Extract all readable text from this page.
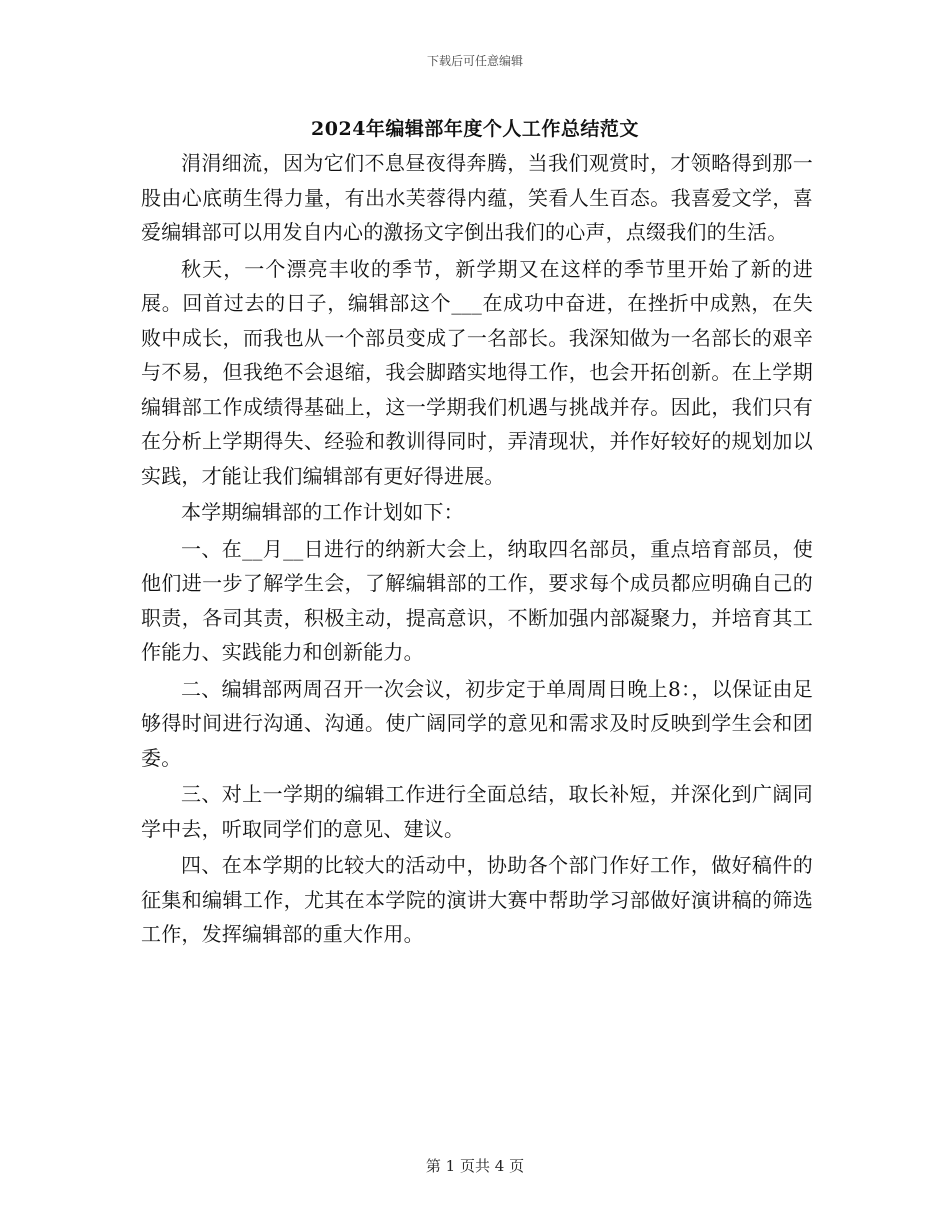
下载后可任意编辑
2024年编辑部年度个人工作总结范文

涓涓细流，因为它们不息昼夜得奔腾，当我们观赏时，才领略得到那一股由心底萌生得力量，有出水芙蓉得内蕴，笑看人生百态。我喜爱文学，喜爱编辑部可以用发自内心的激扬文字倒出我们的心声，点缀我们的生活。

秋天，一个漂亮丰收的季节，新学期又在这样的季节里开始了新的进展。回首过去的日子，编辑部这个___在成功中奋进，在挫折中成熟，在失败中成长，而我也从一个部员变成了一名部长。我深知做为一名部长的艰辛与不易，但我绝不会退缩，我会脚踏实地得工作，也会开拓创新。在上学期编辑部工作成绩得基础上，这一学期我们机遇与挑战并存。因此，我们只有在分析上学期得失、经验和教训得同时，弄清现状，并作好较好的规划加以实践，才能让我们编辑部有更好得进展。

本学期编辑部的工作计划如下：

一、在__月__日进行的纳新大会上，纳取四名部员，重点培育部员，使他们进一步了解学生会，了解编辑部的工作，要求每个成员都应明确自己的职责，各司其责，积极主动，提高意识，不断加强内部凝聚力，并培育其工作能力、实践能力和创新能力。

二、编辑部两周召开一次会议，初步定于单周周日晚上8：，以保证由足够得时间进行沟通、沟通。使广阔同学的意见和需求及时反映到学生会和团委。

三、对上一学期的编辑工作进行全面总结，取长补短，并深化到广阔同学中去，听取同学们的意见、建议。

四、在本学期的比较大的活动中，协助各个部门作好工作，做好稿件的征集和编辑工作，尤其在本学院的演讲大赛中帮助学习部做好演讲稿的筛选工作，发挥编辑部的重大作用。

第 1 页共 4 页
